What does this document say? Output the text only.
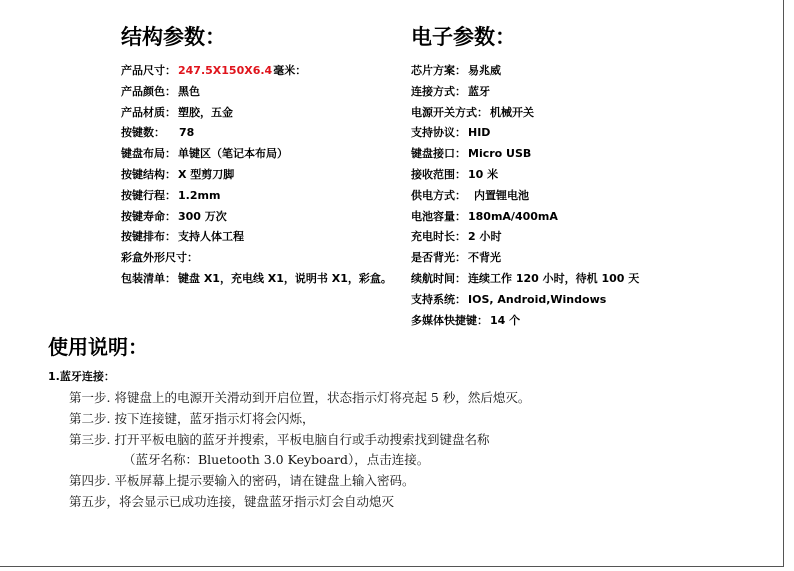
结构参数：
产品尺寸： 247.5X150X6.4毫米：
产品颜色： 黑色
产品材质： 塑胶，五金
按键数： 78
键盘布局： 单键区（笔记本布局）
按键结构： X 型剪刀脚
按键行程： 1.2mm
按键寿命： 300 万次
按键排布： 支持人体工程
彩盒外形尺寸：
包装清单： 键盘 X1，充电线 X1，说明书 X1，彩盒。
电子参数：
芯片方案： 易兆威
连接方式： 蓝牙
电源开关方式： 机械开关
支持协议： HID
键盘接口： Micro USB
接收范围： 10 米
供电方式： 内置锂电池
电池容量： 180mA/400mA
充电时长： 2 小时
是否背光： 不背光
续航时间： 连续工作 120 小时，待机 100 天
支持系统： IOS, Android,Windows
多媒体快捷键： 14 个
使用说明：
1.蓝牙连接：
第一步. 将键盘上的电源开关滑动到开启位置，状态指示灯将亮起 5 秒，然后熄灭。
第二步. 按下连接键，蓝牙指示灯将会闪烁，
第三步. 打开平板电脑的蓝牙并搜索，平板电脑自行或手动搜索找到键盘名称
（蓝牙名称：Bluetooth 3.0 Keyboard），点击连接。
第四步. 平板屏幕上提示要输入的密码，请在键盘上输入密码。
第五步，将会显示已成功连接，键盘蓝牙指示灯会自动熄灭
